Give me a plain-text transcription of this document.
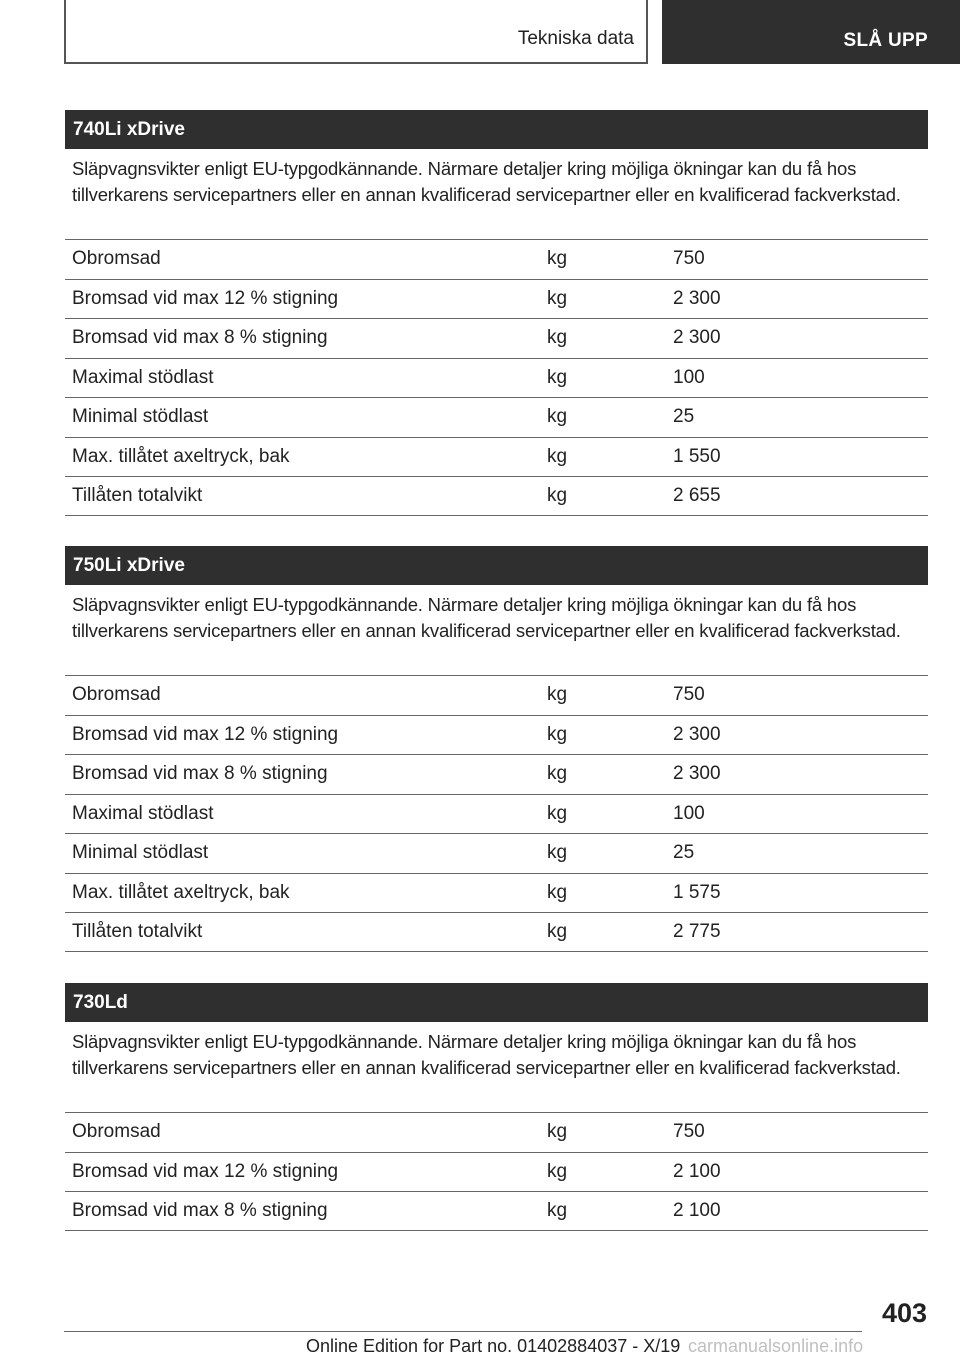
Tekniska data	SLÅ UPP
740Li xDrive
Släpvagnsvikter enligt EU-typgodkännande. Närmare detaljer kring möjliga ökningar kan du få hos tillverkarens servicepartners eller en annan kvalificerad servicepartner eller en kvalificerad fackverkstad.
Obromsad	kg	750
Bromsad vid max 12 % stigning	kg	2 300
Bromsad vid max 8 % stigning	kg	2 300
Maximal stödlast	kg	100
Minimal stödlast	kg	25
Max. tillåtet axeltryck, bak	kg	1 550
Tillåten totalvikt	kg	2 655
750Li xDrive
Släpvagnsvikter enligt EU-typgodkännande. Närmare detaljer kring möjliga ökningar kan du få hos tillverkarens servicepartners eller en annan kvalificerad servicepartner eller en kvalificerad fackverkstad.
Obromsad	kg	750
Bromsad vid max 12 % stigning	kg	2 300
Bromsad vid max 8 % stigning	kg	2 300
Maximal stödlast	kg	100
Minimal stödlast	kg	25
Max. tillåtet axeltryck, bak	kg	1 575
Tillåten totalvikt	kg	2 775
730Ld
Släpvagnsvikter enligt EU-typgodkännande. Närmare detaljer kring möjliga ökningar kan du få hos tillverkarens servicepartners eller en annan kvalificerad servicepartner eller en kvalificerad fackverkstad.
Obromsad	kg	750
Bromsad vid max 12 % stigning	kg	2 100
Bromsad vid max 8 % stigning	kg	2 100
403
Online Edition for Part no. 01402884037 - X/19 carmanualsonline.info
